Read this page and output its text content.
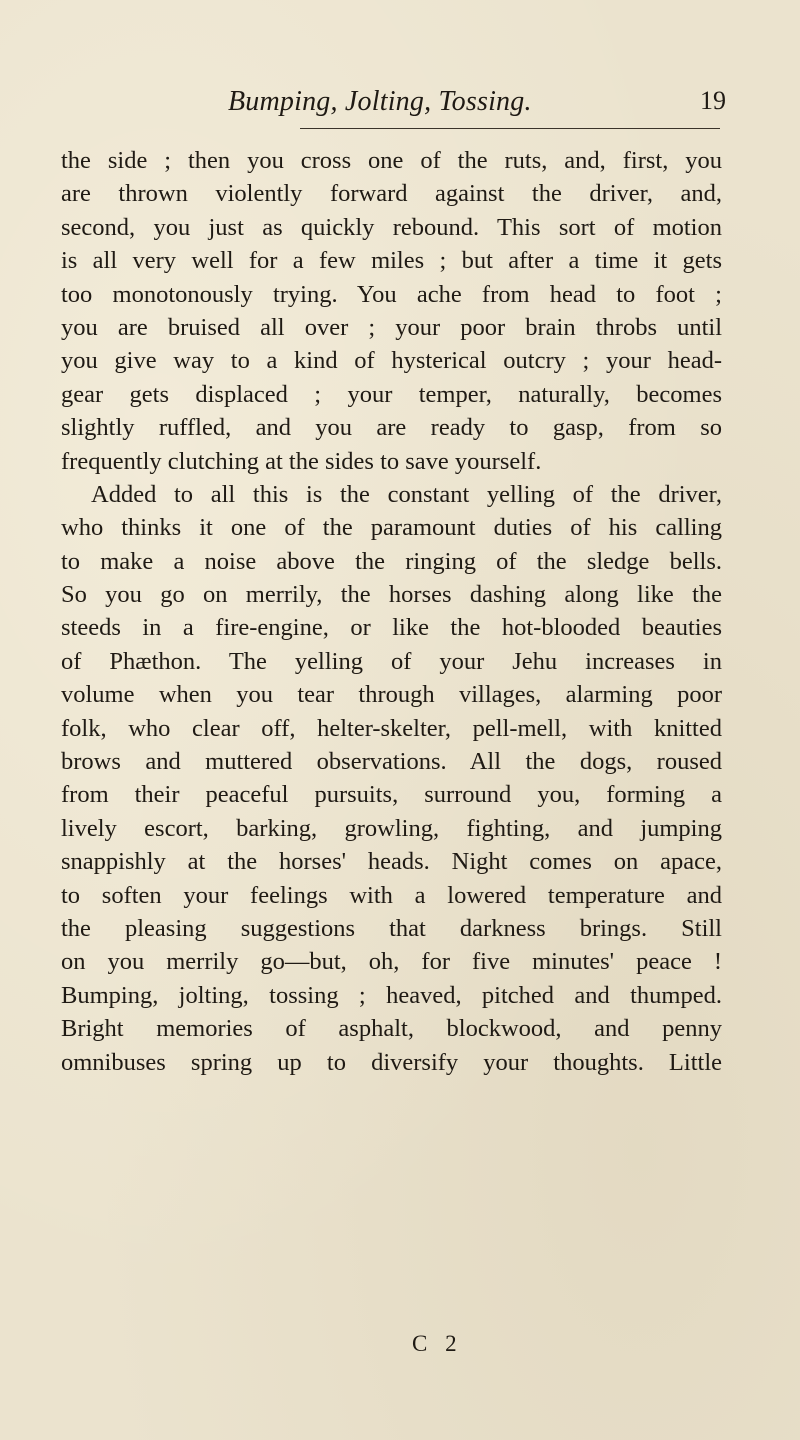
Bumping, Jolting, Tossing.	19
the side ; then you cross one of the ruts, and, first, you
are thrown violently forward against the driver, and,
second, you just as quickly rebound. This sort of motion
is all very well for a few miles ; but after a time it gets
too monotonously trying. You ache from head to foot ;
you are bruised all over ; your poor brain throbs until
you give way to a kind of hysterical outcry ; your head-
gear gets displaced ; your temper, naturally, becomes
slightly ruffled, and you are ready to gasp, from so
frequently clutching at the sides to save yourself.
Added to all this is the constant yelling of the driver,
who thinks it one of the paramount duties of his calling
to make a noise above the ringing of the sledge bells.
So you go on merrily, the horses dashing along like the
steeds in a fire-engine, or like the hot-blooded beauties
of Phæthon. The yelling of your Jehu increases in
volume when you tear through villages, alarming poor
folk, who clear off, helter-skelter, pell-mell, with knitted
brows and muttered observations. All the dogs, roused
from their peaceful pursuits, surround you, forming a
lively escort, barking, growling, fighting, and jumping
snappishly at the horses' heads. Night comes on apace,
to soften your feelings with a lowered temperature and
the pleasing suggestions that darkness brings. Still
on you merrily go—but, oh, for five minutes' peace !
Bumping, jolting, tossing ; heaved, pitched and thumped.
Bright memories of asphalt, blockwood, and penny
omnibuses spring up to diversify your thoughts. Little
C 2
